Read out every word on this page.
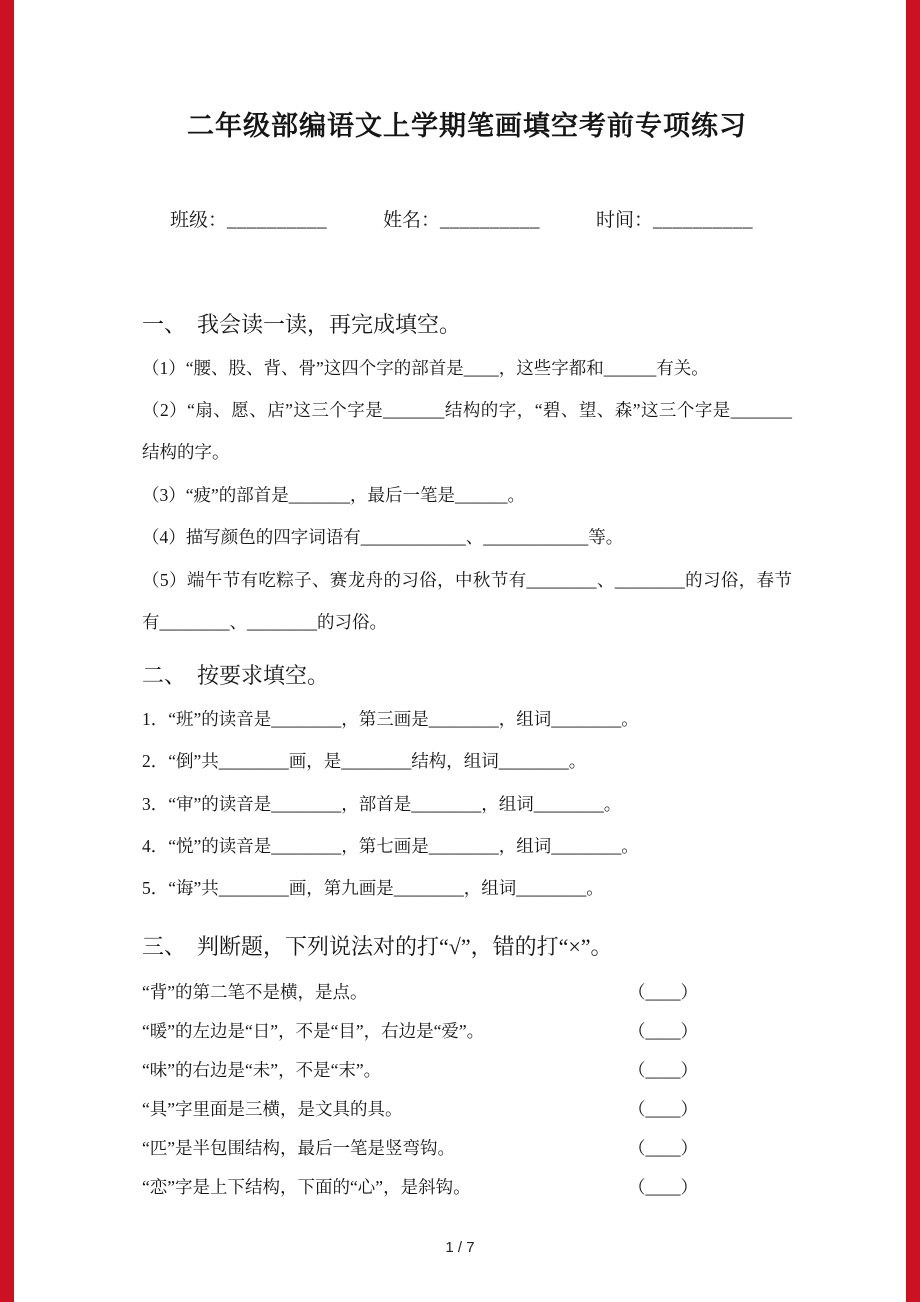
二年级部编语文上学期笔画填空考前专项练习
班级：__________	姓名：__________	时间：__________
一、　我会读一读，再完成填空。

（1）“腰、股、背、骨”这四个字的部首是____，这些字都和______有关。

（2）“扇、愿、店”这三个字是_______结构的字，“碧、望、森”这三个字是_______结构的字。

（3）“疲”的部首是_______，最后一笔是______。

（4）描写颜色的四字词语有____________、____________等。

（5）端午节有吃粽子、赛龙舟的习俗，中秋节有________、________的习俗，春节有________、________的习俗。

二、　按要求填空。

1．“班”的读音是________，第三画是________，组词________。

2．“倒”共________画，是________结构，组词________。

3．“审”的读音是________，部首是________，组词________。

4．“悦”的读音是________，第七画是________，组词________。

5．“诲”共________画，第九画是________，组词________。

三、　判断题，下列说法对的打“√”，错的打“×”。
“背”的第二笔不是横，是点。	（____）
“暖”的左边是“日”，不是“目”，右边是“爱”。	（____）
“味”的右边是“未”，不是“末”。	（____）
“具”字里面是三横，是文具的具。	（____）
“匹”是半包围结构，最后一笔是竖弯钩。	（____）
“恋”字是上下结构，下面的“心”，是斜钩。	（____）
1 / 7
